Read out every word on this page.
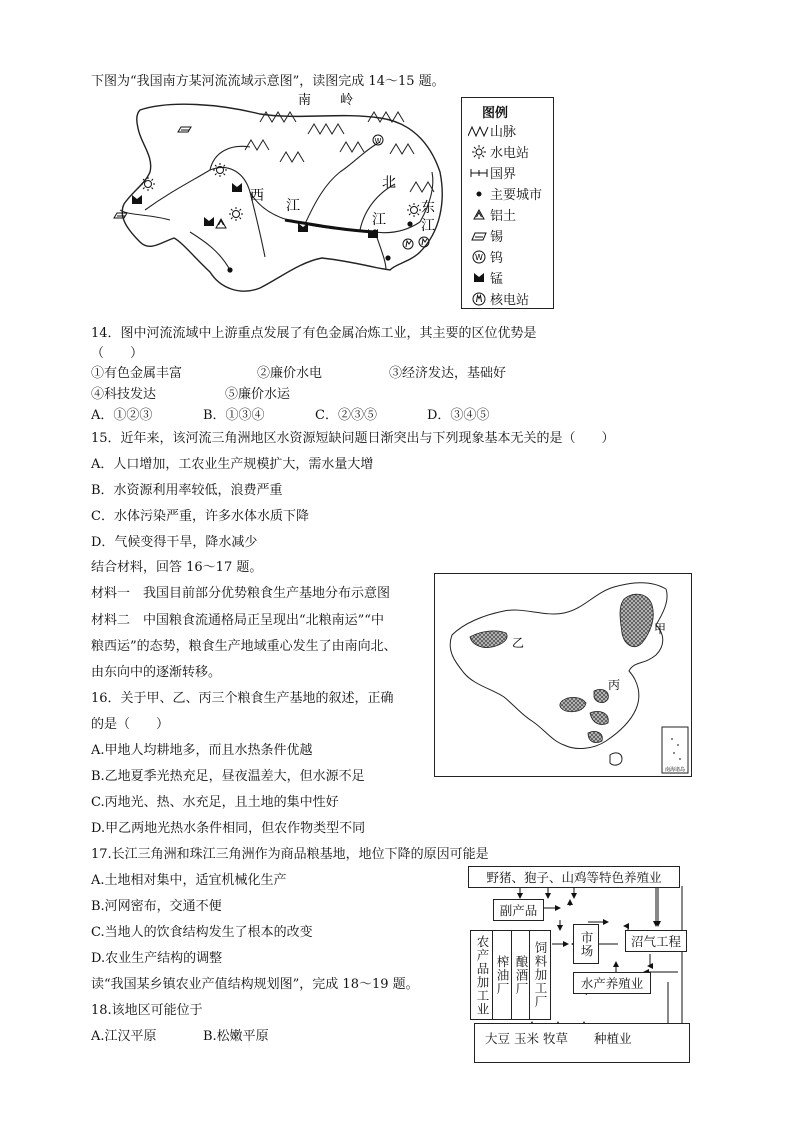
下图为“我国南方某河流流域示意图”，读图完成 14～15 题。
W
南 岭
西
江
北
江
东
江
图例
山脉
水电站
国界
主要城市
铝土
锡
W 钨
锰
核电站
14．图中河流流域中上游重点发展了有色金属冶炼工业，其主要的区位优势是
（　　）
①有色金属丰富	②廉价水电	③经济发达，基础好
④科技发达	⑤廉价水运
A．①②③	B．①③④	C．②③⑤	D．③④⑤
15．近年来，该河流三角洲地区水资源短缺问题日渐突出与下列现象基本无关的是（　　）
A．人口增加，工农业生产规模扩大，需水量大增
B．水资源利用率较低，浪费严重
C．水体污染严重，许多水体水质下降
D．气候变得干旱，降水减少
结合材料，回答 16～17 题。
材料一　我国目前部分优势粮食生产基地分布示意图
材料二　中国粮食流通格局正呈现出“北粮南运”“中
粮西运”的态势，粮食生产地域重心发生了由南向北、
由东向中的逐渐转移。
甲
乙
丙
南海诸岛
16．关于甲、乙、丙三个粮食生产基地的叙述，正确
的是（　　）
A.甲地人均耕地多，而且水热条件优越
B.乙地夏季光热充足，昼夜温差大，但水源不足
C.丙地光、热、水充足，且土地的集中性好
D.甲乙两地光热水条件相同，但农作物类型不同
17.长江三角洲和珠江三角洲作为商品粮基地，地位下降的原因可能是
A.土地相对集中，适宜机械化生产
B.河网密布，交通不便
C.当地人的饮食结构发生了根本的改变
D.农业生产结构的调整
读“我国某乡镇农业产值结构规划图”，完成 18～19 题。
18.该地区可能位于
A.江汉平原	B.松嫩平原
野猪、狍子、山鸡等特色养殖业
副产品
农产品加工业 榨油厂 酿酒厂 饲料加工厂	市场	沼气工程
水产养殖业
大豆 玉米 牧草 种植业
